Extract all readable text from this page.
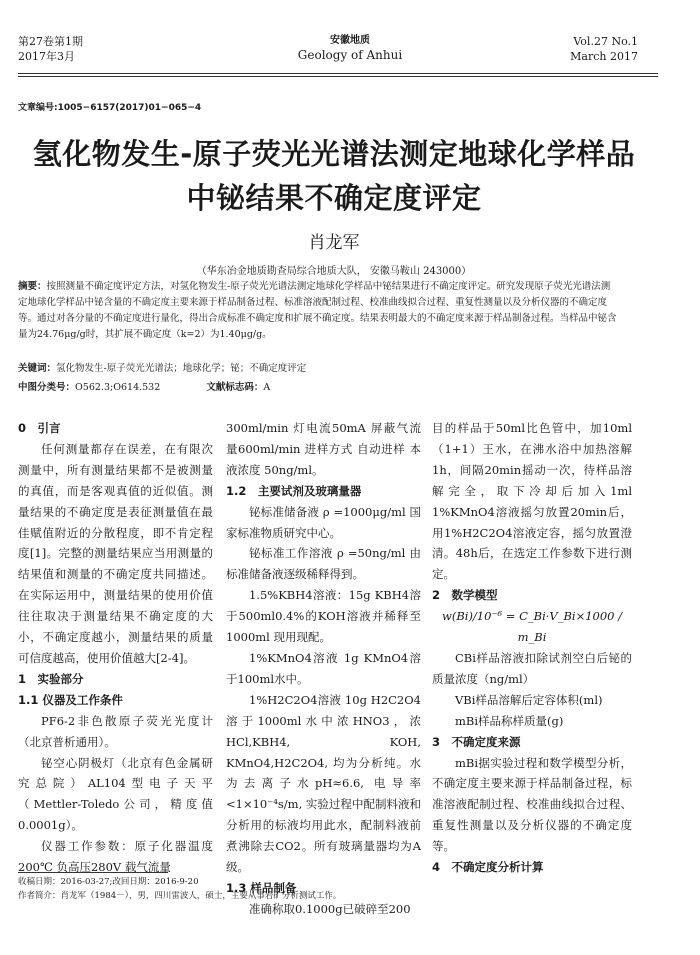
第27卷第1期
2017年3月
安徽地质
Geology of Anhui
Vol.27 No.1
March 2017
文章编号:1005−6157(2017)01−065−4
氢化物发生-原子荧光光谱法测定地球化学样品
中铋结果不确定度评定
肖龙军
（华东冶金地质勘查局综合地质大队， 安徽马鞍山 243000）
摘要：按照测量不确定度评定方法，对氢化物发生-原子荧光光谱法测定地球化学样品中铋结果进行不确定度评定。研究发现原子荧光光谱法测定地球化学样品中铋含量的不确定度主要来源于样品制备过程、标准溶液配制过程、校准曲线拟合过程、重复性测量以及分析仪器的不确定度等。通过对各分量的不确定度进行量化，得出合成标准不确定度和扩展不确定度。结果表明最大的不确定度来源于样品制备过程。当样品中铋含量为24.76μg/g时，其扩展不确定度（k=2）为1.40μg/g。
关键词：氢化物发生-原子荧光光谱法；地球化学；铋；不确定度评定
中图分类号：O562.3;O614.532	文献标志码：A

0　引言

任何测量都存在误差，在有限次测量中，所有测量结果都不是被测量的真值，而是客观真值的近似值。测量结果的不确定度是表征测量值在最佳赋值附近的分散程度，即不肯定程度[1]。完整的测量结果应当用测量的结果值和测量的不确定度共同描述。在实际运用中，测量结果的使用价值往往取决于测量结果不确定度的大小，不确定度越小，测量结果的质量可信度越高，使用价值越大[2-4]。

1　实验部分

1.1 仪器及工作条件

PF6-2非色散原子荧光光度计（北京普析通用）。

铋空心阴极灯（北京有色金属研究总院）AL104型电子天平（Mettler-Toledo公司，精度值0.0001g）。

仪器工作参数：原子化器温度200℃ 负高压280V 载气流量

300ml/min 灯电流50mA 屏蔽气流量600ml/min 进样方式 自动进样 本液浓度 50ng/ml。

1.2　主要试剂及玻璃量器

铋标准储备液 ρ =1000μg/ml 国家标准物质研究中心。

铋标准工作溶液 ρ =50ng/ml 由标准储备液逐级稀释得到。

1.5%KBH4溶液：15g KBH4溶于500ml0.4%的KOH溶液并稀释至1000ml 现用现配。

1%KMnO4溶液 1g KMnO4溶于100ml水中。

1%H2C2O4溶液 10g H2C2O4溶于1000ml水中浓HNO3，浓 HCl,KBH4, KOH, KMnO4,H2C2O4, 均为分析纯。水为去离子水pH≈6.6, 电导率<1×10⁻⁴s/m, 实验过程中配制料液和分析用的标液均用此水，配制料液前煮沸除去CO2。所有玻璃量器均为A级。

1.3 样品制备

准确称取0.1000g已破碎至200

目的样品于50ml比色管中，加10ml（1+1）王水，在沸水浴中加热溶解1h，间隔20min摇动一次，待样品溶解完全，取下冷却后加入1ml 1%KMnO4溶液摇匀放置20min后，用1%H2C2O4溶液定容，摇匀放置澄清。48h后，在选定工作参数下进行测定。

2　数学模型

w(Bi)/10⁻⁶ = C_Bi·V_Bi×1000 / m_Bi

CBi样品溶液扣除试剂空白后铋的质量浓度（ng/ml）

VBi样品溶解后定容体积(ml)

mBi样品称样质量(g)

3　不确定度来源

mBi据实验过程和数学模型分析，不确定度主要来源于样品制备过程，标准溶液配制过程、校准曲线拟合过程、重复性测量以及分析仪器的不确定度等。

4　不确定度分析计算

收稿日期：2016-03-27;改回日期：2016-9-20
作者简介：肖龙军（1984－），男，四川雷波人，硕士，主要从事岩矿分析测试工作。
